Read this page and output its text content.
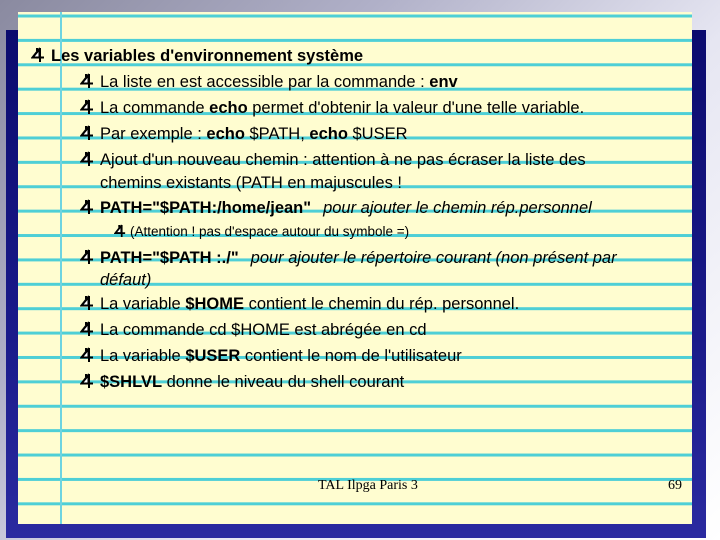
Les variables d'environnement système
La liste en est accessible par la commande : env
La commande echo permet d'obtenir la valeur d'une telle variable.
Par exemple : echo $PATH, echo $USER
Ajout d'un nouveau chemin : attention à ne pas écraser la liste des
chemins existants (PATH en majuscules !
PATH="$PATH:/home/jean" pour ajouter le chemin rép.personnel
(Attention ! pas d'espace autour du symbole =)
PATH="$PATH :./" pour ajouter le répertoire courant (non présent par
défaut)
La variable $HOME contient le chemin du rép. personnel.
La commande cd $HOME est abrégée en cd
La variable $USER contient le nom de l'utilisateur
$SHLVL donne le niveau du shell courant
TAL Ilpga Paris 3	69
